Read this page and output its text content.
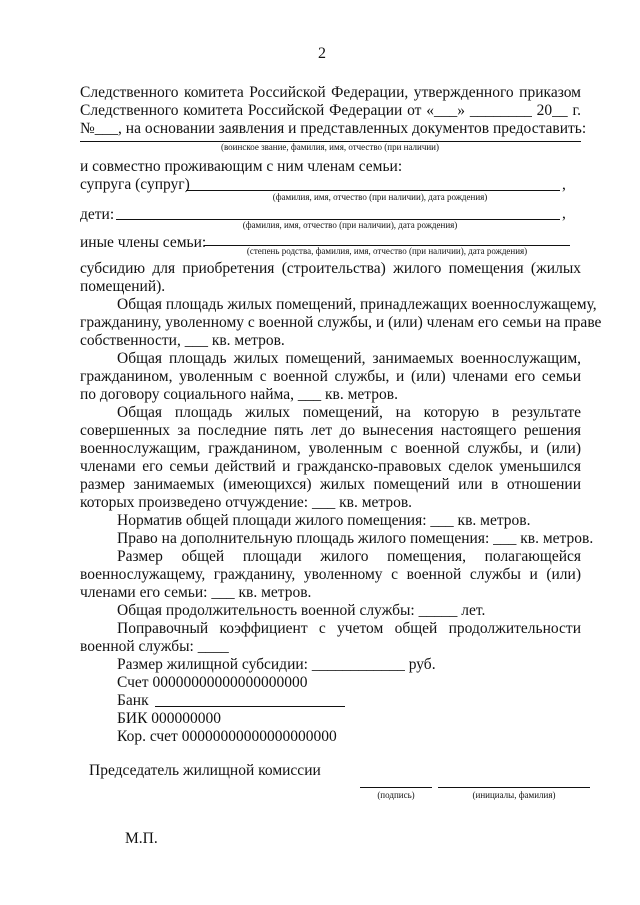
2
Следственного комитета Российской Федерации, утвержденного приказом
Следственного комитета Российской Федерации от «___» ________ 20__ г.
№___, на основании заявления и представленных документов предоставить:
(воинское звание, фамилия, имя, отчество (при наличии)
и совместно проживающим с ним членам семьи:
супруга (супруг)	,
(фамилия, имя, отчество (при наличии), дата рождения)
дети:	,
(фамилия, имя, отчество (при наличии), дата рождения)
иные члены семьи:	(степень родства, фамилия, имя, отчество (при наличии), дата рождения)
субсидию для приобретения (строительства) жилого помещения (жилых
помещений).
Общая площадь жилых помещений, принадлежащих военнослужащему,
гражданину, уволенному с военной службы, и (или) членам его семьи на праве
собственности, ___ кв. метров.
Общая площадь жилых помещений, занимаемых военнослужащим,
гражданином, уволенным с военной службы, и (или) членами его семьи
по договору социального найма, ___ кв. метров.
Общая площадь жилых помещений, на которую в результате
совершенных за последние пять лет до вынесения настоящего решения
военнослужащим, гражданином, уволенным с военной службы, и (или)
членами его семьи действий и гражданско-правовых сделок уменьшился
размер занимаемых (имеющихся) жилых помещений или в отношении
которых произведено отчуждение: ___ кв. метров.
Норматив общей площади жилого помещения: ___ кв. метров.
Право на дополнительную площадь жилого помещения: ___ кв. метров.
Размер общей площади жилого помещения, полагающейся
военнослужащему, гражданину, уволенному с военной службы и (или)
членами его семьи: ___ кв. метров.
Общая продолжительность военной службы: _____ лет.
Поправочный коэффициент с учетом общей продолжительности
военной службы: ____
Размер жилищной субсидии: ____________ руб.
Счет 00000000000000000000
Банк
БИК 000000000
Кор. счет 00000000000000000000
Председатель жилищной комиссии
(подпись)	(инициалы, фамилия)
М.П.
